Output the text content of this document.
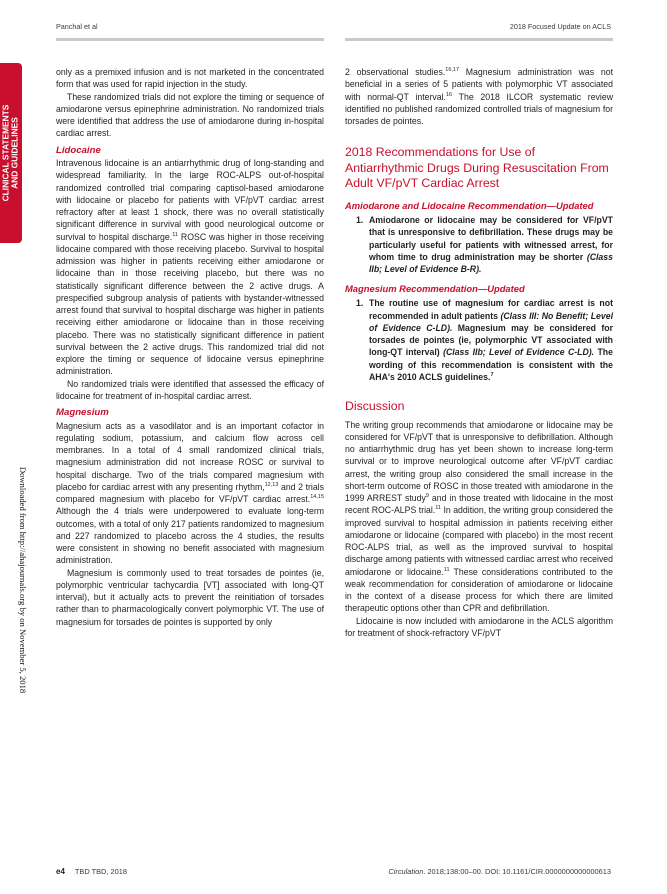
Panchal et al	2018 Focused Update on ACLS
CLINICAL STATEMENTS AND GUIDELINES
Downloaded from http://ahajournals.org by on November 5, 2018

only as a premixed infusion and is not marketed in the concentrated form that was used for rapid injection in the study.

These randomized trials did not explore the timing or sequence of amiodarone versus epinephrine administration. No randomized trials were identified that address the use of amiodarone during in-hospital cardiac arrest.

Lidocaine

Intravenous lidocaine is an antiarrhythmic drug of long-standing and widespread familiarity. In the large ROC-ALPS out-of-hospital randomized controlled trial comparing captisol-based amiodarone with lidocaine or placebo for patients with VF/pVT cardiac arrest refractory after at least 1 shock, there was no overall statistically significant difference in survival with good neurological outcome or survival to hospital discharge.$^{11}$ ROSC was higher in those receiving lidocaine compared with those receiving placebo. Survival to hospital admission was higher in patients receiving either amiodarone or lidocaine than in those receiving placebo, but there was no statistically significant difference between the 2 active drugs. A prespecified subgroup analysis of patients with bystander-witnessed arrest found that survival to hospital discharge was higher in patients receiving either amiodarone or lidocaine than in those receiving placebo. There was no statistically significant difference in patient survival between the 2 active drugs. This randomized trial did not explore the timing or sequence of lidocaine versus epinephrine administration.

No randomized trials were identified that assessed the efficacy of lidocaine for treatment of in-hospital cardiac arrest.

Magnesium

Magnesium acts as a vasodilator and is an important cofactor in regulating sodium, potassium, and calcium flow across cell membranes. In a total of 4 small randomized clinical trials, magnesium administration did not increase ROSC or survival to hospital discharge. Two of the trials compared magnesium with placebo for cardiac arrest with any presenting rhythm,$^{12,13}$ and 2 trials compared magnesium with placebo for VF/pVT cardiac arrest.$^{14,15}$ Although the 4 trials were underpowered to evaluate long-term outcomes, with a total of only 217 patients randomized to magnesium and 227 randomized to placebo across the 4 studies, the results were consistent in showing no benefit associated with magnesium administration.

Magnesium is commonly used to treat torsades de pointes (ie, polymorphic ventricular tachycardia [VT] associated with long-QT interval), but it actually acts to prevent the reinitiation of torsades rather than to pharmacologically convert polymorphic VT. The use of magnesium for torsades de pointes is supported by only

2 observational studies.$^{16,17}$ Magnesium administration was not beneficial in a series of 5 patients with polymorphic VT associated with normal-QT interval.$^{16}$ The 2018 ILCOR systematic review identified no published randomized controlled trials of magnesium for torsades de pointes.

2018 Recommendations for Use of Antiarrhythmic Drugs During Resuscitation From Adult VF/pVT Cardiac Arrest
Amiodarone and Lidocaine Recommendation—Updated
1. Amiodarone or lidocaine may be considered for VF/pVT that is unresponsive to defibrillation. These drugs may be particularly useful for patients with witnessed arrest, for whom time to drug administration may be shorter (Class IIb; Level of Evidence B-R).
Magnesium Recommendation—Updated
1. The routine use of magnesium for cardiac arrest is not recommended in adult patients (Class III: No Benefit; Level of Evidence C-LD). Magnesium may be considered for torsades de pointes (ie, polymorphic VT associated with long-QT interval) (Class IIb; Level of Evidence C-LD). The wording of this recommendation is consistent with the AHA's 2010 ACLS guidelines.$^7$
Discussion

The writing group recommends that amiodarone or lidocaine may be considered for VF/pVT that is unresponsive to defibrillation. Although no antiarrhythmic drug has yet been shown to increase long-term survival or to improve neurological outcome after VF/pVT cardiac arrest, the writing group also considered the small increase in the short-term outcome of ROSC in those treated with amiodarone in the 1999 ARREST study$^9$ and in those treated with lidocaine in the most recent ROC-ALPS trial.$^{11}$ In addition, the writing group considered the improved survival to hospital admission in patients receiving either amiodarone or lidocaine (compared with placebo) in the most recent ROC-ALPS trial, as well as the improved survival to hospital discharge among patients with witnessed cardiac arrest who received amiodarone or lidocaine.$^{11}$ These considerations contributed to the weak recommendation for consideration of amiodarone or lidocaine in the context of a disease process for which there are limited therapeutic options other than CPR and defibrillation.

Lidocaine is now included with amiodarone in the ACLS algorithm for treatment of shock-refractory VF/pVT

e4 TBD TBD, 2018	Circulation. 2018;138:00–00. DOI: 10.1161/CIR.0000000000000613
